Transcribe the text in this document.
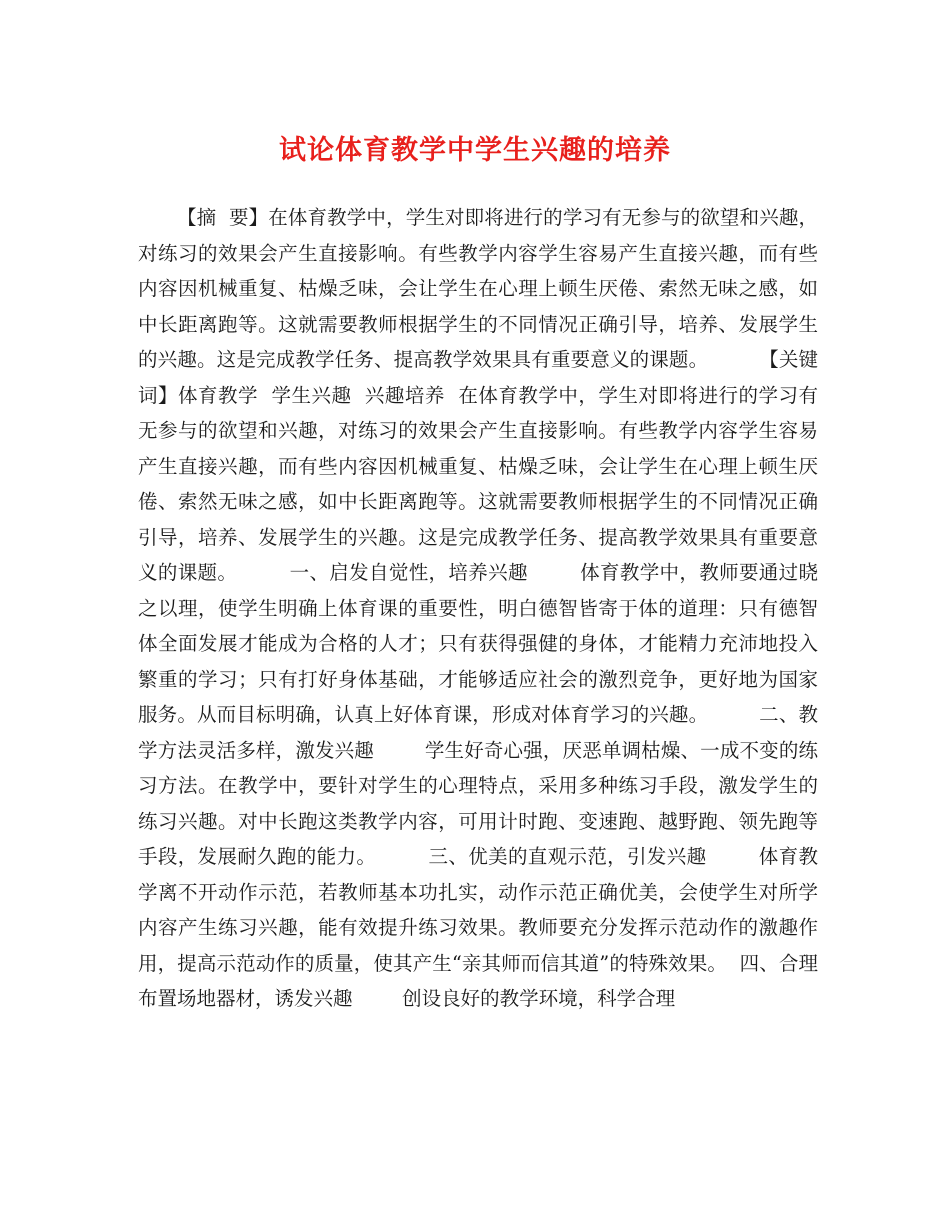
试论体育教学中学生兴趣的培养

【摘  要】在体育教学中，学生对即将进行的学习有无参与的欲望和兴趣，对练习的效果会产生直接影响。有些教学内容学生容易产生直接兴趣，而有些内容因机械重复、枯燥乏味，会让学生在心理上顿生厌倦、索然无味之感，如中长距离跑等。这就需要教师根据学生的不同情况正确引导，培养、发展学生的兴趣。这是完成教学任务、提高教学效果具有重要意义的课题。        【关键词】体育教学  学生兴趣  兴趣培养  在体育教学中，学生对即将进行的学习有无参与的欲望和兴趣，对练习的效果会产生直接影响。有些教学内容学生容易产生直接兴趣，而有些内容因机械重复、枯燥乏味，会让学生在心理上顿生厌倦、索然无味之感，如中长距离跑等。这就需要教师根据学生的不同情况正确引导，培养、发展学生的兴趣。这是完成教学任务、提高教学效果具有重要意义的课题。        一、启发自觉性，培养兴趣        体育教学中，教师要通过晓之以理，使学生明确上体育课的重要性，明白德智皆寄于体的道理：只有德智体全面发展才能成为合格的人才；只有获得强健的身体，才能精力充沛地投入繁重的学习；只有打好身体基础，才能够适应社会的激烈竞争，更好地为国家服务。从而目标明确，认真上好体育课，形成对体育学习的兴趣。        二、教学方法灵活多样，激发兴趣        学生好奇心强，厌恶单调枯燥、一成不变的练习方法。在教学中，要针对学生的心理特点，采用多种练习手段，激发学生的练习兴趣。对中长跑这类教学内容，可用计时跑、变速跑、越野跑、领先跑等手段，发展耐久跑的能力。        三、优美的直观示范，引发兴趣        体育教学离不开动作示范，若教师基本功扎实，动作示范正确优美，会使学生对所学内容产生练习兴趣，能有效提升练习效果。教师要充分发挥示范动作的激趣作用，提高示范动作的质量，使其产生“亲其师而信其道”的特殊效果。  四、合理布置场地器材，诱发兴趣        创设良好的教学环境，科学合理
